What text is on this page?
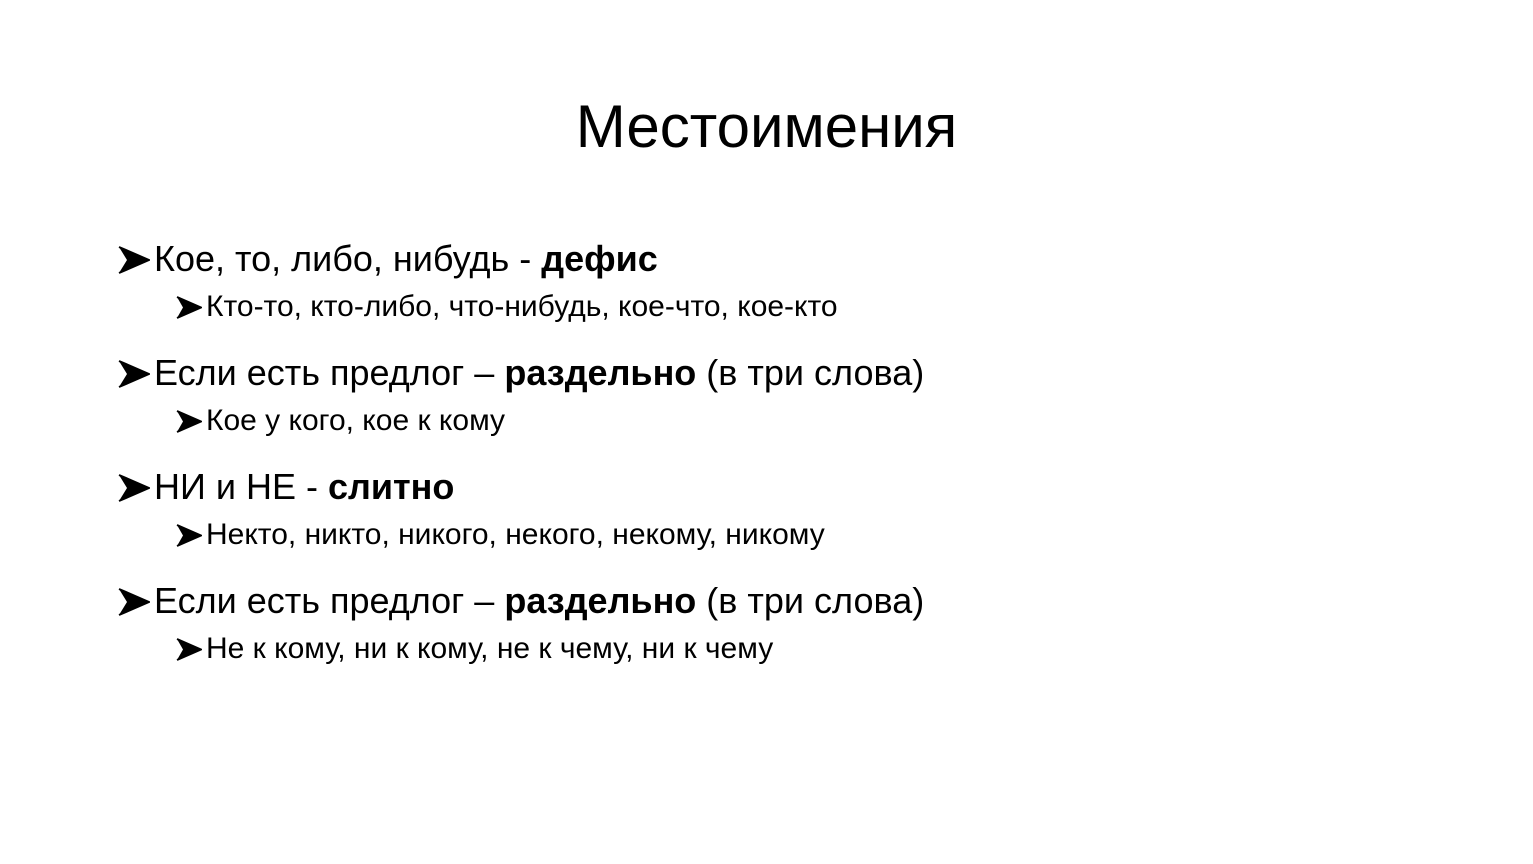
Местоимения
Кое, то, либо, нибудь - дефис
Кто-то, кто-либо, что-нибудь, кое-что, кое-кто
Если есть предлог – раздельно (в три слова)
Кое у кого, кое к кому
НИ и НЕ - слитно
Некто, никто, никого, некого, некому, никому
Если есть предлог – раздельно (в три слова)
Не к кому, ни к кому, не к чему, ни к чему
